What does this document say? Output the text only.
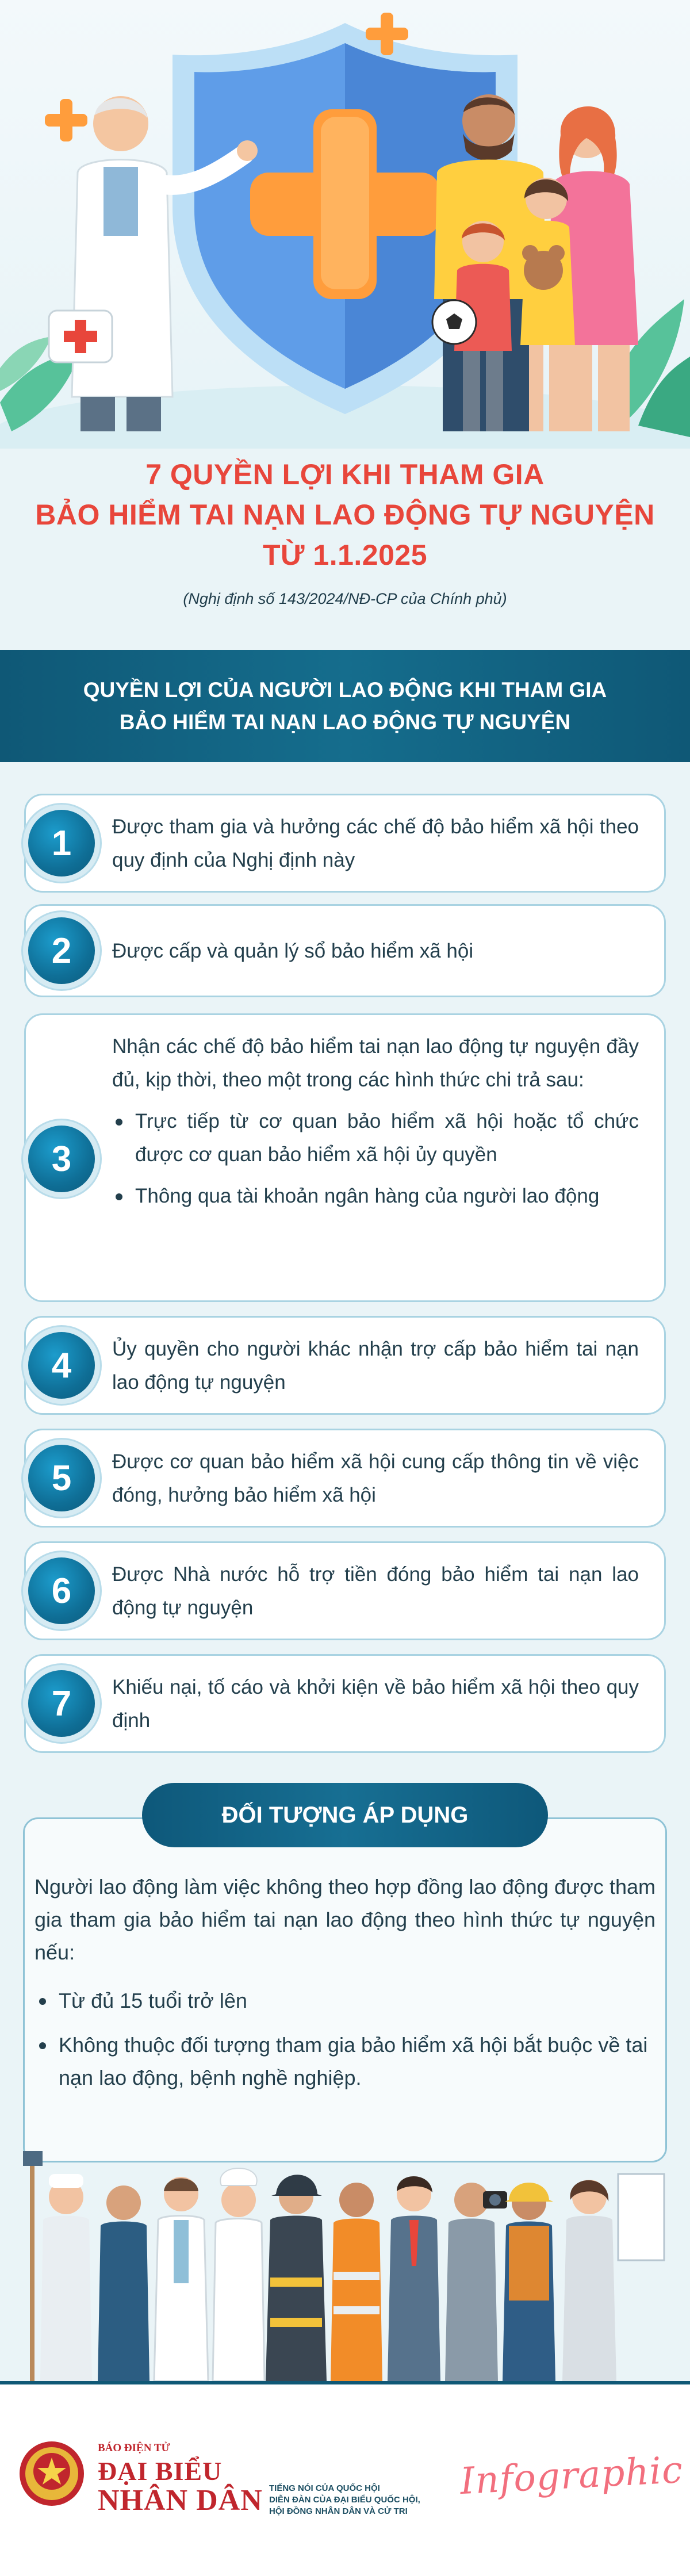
7 QUYỀN LỢI KHI THAM GIA
BẢO HIỂM TAI NẠN LAO ĐỘNG TỰ NGUYỆN
TỪ 1.1.2025
(Nghị định số 143/2024/NĐ-CP của Chính phủ)
QUYỀN LỢI CỦA NGƯỜI LAO ĐỘNG KHI THAM GIA
BẢO HIỂM TAI NẠN LAO ĐỘNG TỰ NGUYỆN
1 Được tham gia và hưởng các chế độ bảo hiểm xã hội theo quy định của Nghị định này
2 Được cấp và quản lý sổ bảo hiểm xã hội
3
Nhận các chế độ bảo hiểm tai nạn lao động tự nguyện đầy đủ, kịp thời, theo một trong các hình thức chi trả sau:
Trực tiếp từ cơ quan bảo hiểm xã hội hoặc tổ chức được cơ quan bảo hiểm xã hội ủy quyền
Thông qua tài khoản ngân hàng của người lao động
4 Ủy quyền cho người khác nhận trợ cấp bảo hiểm tai nạn lao động tự nguyện
5 Được cơ quan bảo hiểm xã hội cung cấp thông tin về việc đóng, hưởng bảo hiểm xã hội
6 Được Nhà nước hỗ trợ tiền đóng bảo hiểm tai nạn lao động tự nguyện
7 Khiếu nại, tố cáo và khởi kiện về bảo hiểm xã hội theo quy định
ĐỐI TƯỢNG ÁP DỤNG
Người lao động làm việc không theo hợp đồng lao động được tham gia tham gia bảo hiểm tai nạn lao động theo hình thức tự nguyện nếu:
Từ đủ 15 tuổi trở lên
Không thuộc đối tượng tham gia bảo hiểm xã hội bắt buộc về tai nạn lao động, bệnh nghề nghiệp.
BÁO ĐIỆN TỬ
ĐẠI BIỂU
NHÂN DÂN TIẾNG NÓI CỦA QUỐC HỘI
DIỄN ĐÀN CỦA ĐẠI BIỂU QUỐC HỘI,
HỘI ĐỒNG NHÂN DÂN VÀ CỬ TRI
Infographic
